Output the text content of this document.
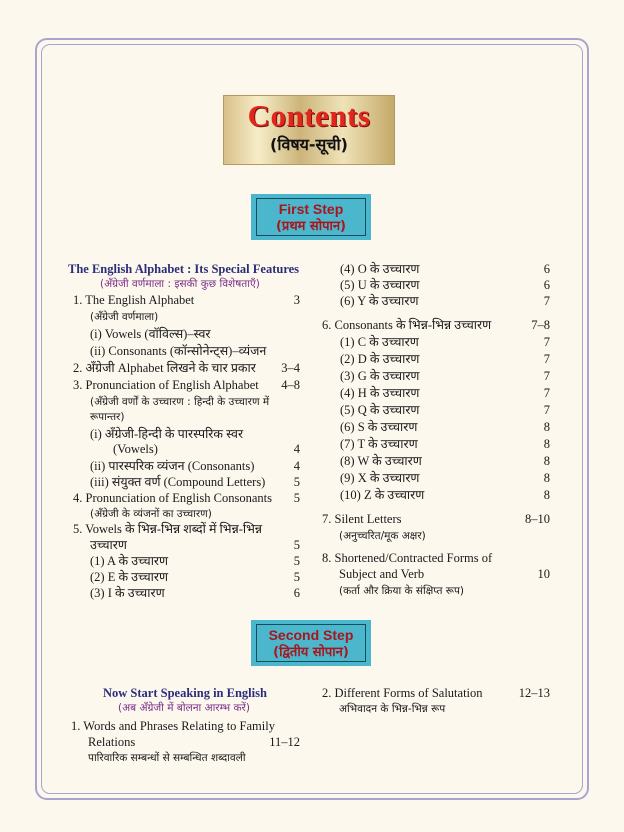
Contents
(विषय-सूची)
First Step
(प्रथम सोपान)
The English Alphabet : Its Special Features
(अँग्रेजी वर्णमाला : इसकी कुछ विशेषताएँ)
1. The English Alphabet	3
(अँग्रेजी वर्णमाला)
(i) Vowels (वॉविल्स)–स्वर
(ii) Consonants (कॉन्सोनेन्ट्स)–व्यंजन
2. अँग्रेजी Alphabet लिखने के चार प्रकार	3–4
3. Pronunciation of English Alphabet	4–8
(अँग्रेजी वर्णों के उच्चारण : हिन्दी के उच्चारण में
रूपान्तर)
(i) अँग्रेजी-हिन्दी के पारस्परिक स्वर
(Vowels)	4
(ii) पारस्परिक व्यंजन (Consonants)	4
(iii) संयुक्त वर्ण (Compound Letters)	5
4. Pronunciation of English Consonants	5
(अँग्रेजी के व्यंजनों का उच्चारण)
5. Vowels के भिन्न-भिन्न शब्दों में भिन्न-भिन्न
उच्चारण	5
(1) A के उच्चारण	5
(2) E के उच्चारण	5
(3) I के उच्चारण	6
(4) O के उच्चारण	6
(5) U के उच्चारण	6
(6) Y के उच्चारण	7
6. Consonants के भिन्न-भिन्न उच्चारण	7–8
(1) C के उच्चारण	7
(2) D के उच्चारण	7
(3) G के उच्चारण	7
(4) H के उच्चारण	7
(5) Q के उच्चारण	7
(6) S के उच्चारण	8
(7) T के उच्चारण	8
(8) W के उच्चारण	8
(9) X के उच्चारण	8
(10) Z के उच्चारण	8
7. Silent Letters	8–10
(अनुच्चरित/मूक अक्षर)
8. Shortened/Contracted Forms of
Subject and Verb	10
(कर्ता और क्रिया के संक्षिप्त रूप)
Second Step
(द्वितीय सोपान)
Now Start Speaking in English
(अब अँग्रेजी में बोलना आरम्भ करें)
1. Words and Phrases Relating to Family
Relations	11–12
पारिवारिक सम्बन्धों से सम्बन्धित शब्दावली
2. Different Forms of Salutation	12–13
अभिवादन के भिन्न-भिन्न रूप
